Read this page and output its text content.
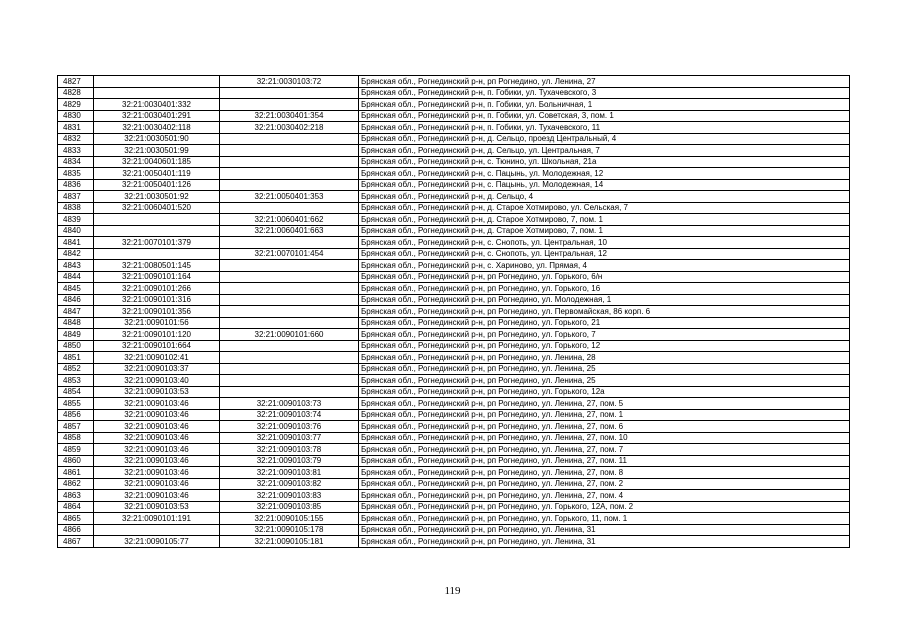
4827		32:21:0030103:72	Брянская обл., Рогнединский р-н, рп Рогнедино, ул. Ленина, 27
4828			Брянская обл., Рогнединский р-н, п. Гобики, ул. Тухачевского, 3
4829	32:21:0030401:332		Брянская обл., Рогнединский р-н, п. Гобики, ул. Больничная, 1
4830	32:21:0030401:291	32:21:0030401:354	Брянская обл., Рогнединский р-н, п. Гобики, ул. Советская, 3, пом. 1
4831	32:21:0030402:118	32:21:0030402:218	Брянская обл., Рогнединский р-н, п. Гобики, ул. Тухачевского, 11
4832	32:21:0030501:90		Брянская обл., Рогнединский р-н, д. Сельцо, проезд Центральный, 4
4833	32:21:0030501:99		Брянская обл., Рогнединский р-н, д. Сельцо, ул. Центральная, 7
4834	32:21:0040601:185		Брянская обл., Рогнединский р-н, с. Тюнино, ул. Школьная, 21а
4835	32:21:0050401:119		Брянская обл., Рогнединский р-н, с. Пацынь, ул. Молодежная, 12
4836	32:21:0050401:126		Брянская обл., Рогнединский р-н, с. Пацынь, ул. Молодежная, 14
4837	32:21:0030501:92	32:21:0050401:353	Брянская обл., Рогнединский р-н, д. Сельцо, 4
4838	32:21:0060401:520		Брянская обл., Рогнединский р-н, д. Старое Хотмирово, ул. Сельская, 7
4839		32:21:0060401:662	Брянская обл., Рогнединский р-н, д. Старое Хотмирово, 7, пом. 1
4840		32:21:0060401:663	Брянская обл., Рогнединский р-н, д. Старое Хотмирово, 7, пом. 1
4841	32:21:0070101:379		Брянская обл., Рогнединский р-н, с. Снопоть, ул. Центральная, 10
4842		32:21:0070101:454	Брянская обл., Рогнединский р-н, с. Снопоть, ул. Центральная, 12
4843	32:21:0080501:145		Брянская обл., Рогнединский р-н, с. Хариново, ул. Прямая, 4
4844	32:21:0090101:164		Брянская обл., Рогнединский р-н, рп Рогнедино, ул. Горького, 6/н
4845	32:21:0090101:266		Брянская обл., Рогнединский р-н, рп Рогнедино, ул. Горького, 16
4846	32:21:0090101:316		Брянская обл., Рогнединский р-н, рп Рогнедино, ул. Молодежная, 1
4847	32:21:0090101:356		Брянская обл., Рогнединский р-н, рп Рогнедино, ул. Первомайская, 86 корп. 6
4848	32:21:0090101:56		Брянская обл., Рогнединский р-н, рп Рогнедино, ул. Горького, 21
4849	32:21:0090101:120	32:21:0090101:660	Брянская обл., Рогнединский р-н, рп Рогнедино, ул. Горького, 7
4850	32:21:0090101:664		Брянская обл., Рогнединский р-н, рп Рогнедино, ул. Горького, 12
4851	32:21:0090102:41		Брянская обл., Рогнединский р-н, рп Рогнедино, ул. Ленина, 28
4852	32:21:0090103:37		Брянская обл., Рогнединский р-н, рп Рогнедино, ул. Ленина, 25
4853	32:21:0090103:40		Брянская обл., Рогнединский р-н, рп Рогнедино, ул. Ленина, 25
4854	32:21:0090103:53		Брянская обл., Рогнединский р-н, рп Рогнедино, ул. Горького, 12а
4855	32:21:0090103:46	32:21:0090103:73	Брянская обл., Рогнединский р-н, рп Рогнедино, ул. Ленина, 27, пом. 5
4856	32:21:0090103:46	32:21:0090103:74	Брянская обл., Рогнединский р-н, рп Рогнедино, ул. Ленина, 27, пом. 1
4857	32:21:0090103:46	32:21:0090103:76	Брянская обл., Рогнединский р-н, рп Рогнедино, ул. Ленина, 27, пом. 6
4858	32:21:0090103:46	32:21:0090103:77	Брянская обл., Рогнединский р-н, рп Рогнедино, ул. Ленина, 27, пом. 10
4859	32:21:0090103:46	32:21:0090103:78	Брянская обл., Рогнединский р-н, рп Рогнедино, ул. Ленина, 27, пом. 7
4860	32:21:0090103:46	32:21:0090103:79	Брянская обл., Рогнединский р-н, рп Рогнедино, ул. Ленина, 27, пом. 11
4861	32:21:0090103:46	32:21:0090103:81	Брянская обл., Рогнединский р-н, рп Рогнедино, ул. Ленина, 27, пом. 8
4862	32:21:0090103:46	32:21:0090103:82	Брянская обл., Рогнединский р-н, рп Рогнедино, ул. Ленина, 27, пом. 2
4863	32:21:0090103:46	32:21:0090103:83	Брянская обл., Рогнединский р-н, рп Рогнедино, ул. Ленина, 27, пом. 4
4864	32:21:0090103:53	32:21:0090103:85	Брянская обл., Рогнединский р-н, рп Рогнедино, ул. Горького, 12А, пом. 2
4865	32:21:0090101:191	32:21:0090105:155	Брянская обл., Рогнединский р-н, рп Рогнедино, ул. Горького, 11, пом. 1
4866		32:21:0090105:178	Брянская обл., Рогнединский р-н, рп Рогнедино, ул. Ленина, 31
4867	32:21:0090105:77	32:21:0090105:181	Брянская обл., Рогнединский р-н, рп Рогнедино, ул. Ленина, 31
119
